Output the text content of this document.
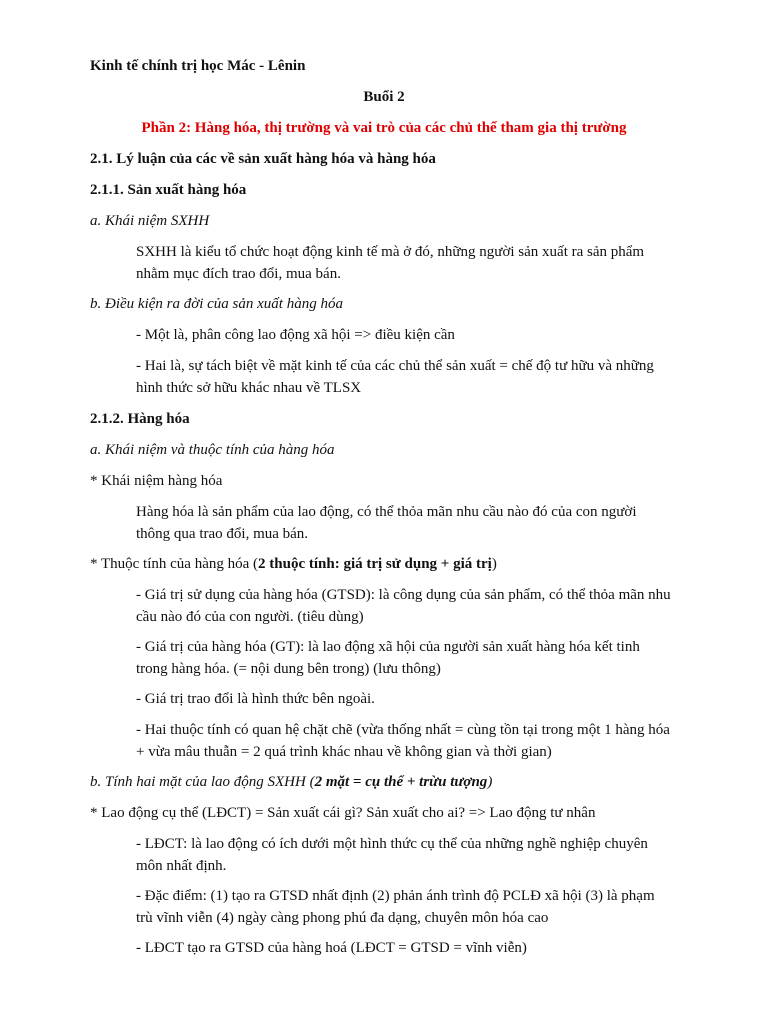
Kinh tế chính trị học Mác - Lênin
Buổi 2
Phần 2: Hàng hóa, thị trường và vai trò của các chủ thể tham gia thị trường
2.1. Lý luận của các về sản xuất hàng hóa và hàng hóa
2.1.1. Sản xuất hàng hóa
a. Khái niệm SXHH
SXHH là kiểu tổ chức hoạt động kinh tế mà ở đó, những người sản xuất ra sản phẩm nhằm mục đích trao đổi, mua bán.
b. Điều kiện ra đời của sản xuất hàng hóa
- Một là, phân công lao động xã hội => điều kiện cần
- Hai là, sự tách biệt về mặt kinh tế của các chủ thể sản xuất = chế độ tư hữu và những hình thức sở hữu khác nhau về TLSX
2.1.2. Hàng hóa
a. Khái niệm và thuộc tính của hàng hóa
* Khái niệm hàng hóa
Hàng hóa là sản phẩm của lao động, có thể thỏa mãn nhu cầu nào đó của con người thông qua trao đổi, mua bán.
* Thuộc tính của hàng hóa (2 thuộc tính: giá trị sử dụng + giá trị)
- Giá trị sử dụng của hàng hóa (GTSD): là công dụng của sản phẩm, có thể thỏa mãn nhu cầu nào đó của con người. (tiêu dùng)
- Giá trị của hàng hóa (GT): là lao động xã hội của người sản xuất hàng hóa kết tinh trong hàng hóa. (= nội dung bên trong) (lưu thông)
- Giá trị trao đổi là hình thức bên ngoài.
- Hai thuộc tính có quan hệ chặt chẽ (vừa thống nhất = cùng tồn tại trong một 1 hàng hóa + vừa mâu thuẫn = 2 quá trình khác nhau về không gian và thời gian)
b. Tính hai mặt của lao động SXHH (2 mặt = cụ thể + trừu tượng)
* Lao động cụ thể (LĐCT) = Sản xuất cái gì? Sản xuất cho ai? => Lao động tư nhân
- LĐCT: là lao động có ích dưới một hình thức cụ thể của những nghề nghiệp chuyên môn nhất định.
- Đặc điểm: (1) tạo ra GTSD nhất định (2) phản ánh trình độ PCLĐ xã hội (3) là phạm trù vĩnh viễn (4) ngày càng phong phú đa dạng, chuyên môn hóa cao
- LĐCT tạo ra GTSD của hàng hoá (LĐCT = GTSD = vĩnh viễn)
